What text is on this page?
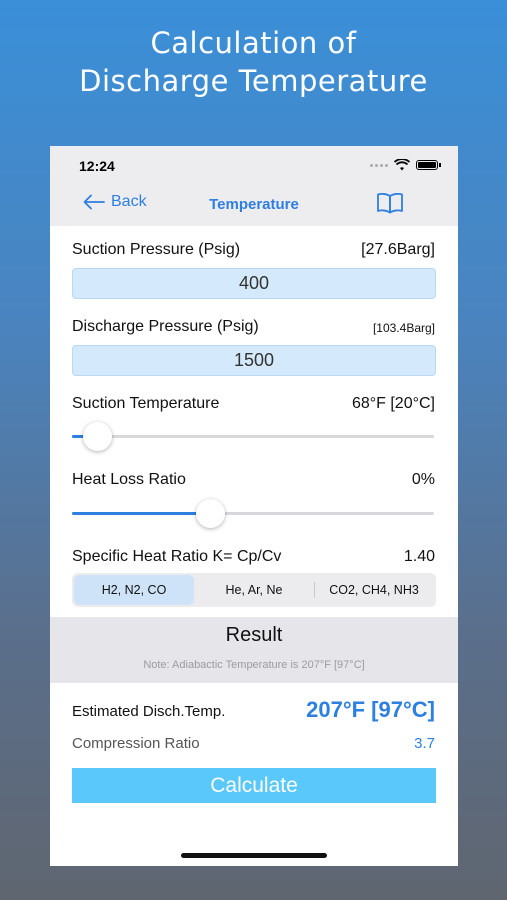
Calculation of
Discharge Temperature
12:24
Back	Temperature
Suction Pressure (Psig)	[27.6Barg]
400
Discharge Pressure (Psig)	[103.4Barg]
1500
Suction Temperature	68°F [20°C]
Heat Loss Ratio	0%
Specific Heat Ratio K= Cp/Cv	1.40
H2, N2, CO	He, Ar, Ne	CO2, CH4, NH3
Result
Note: Adiabactic Temperature is 207°F [97°C]
Estimated Disch.Temp.	207°F [97°C]
Compression Ratio	3.7
Calculate
